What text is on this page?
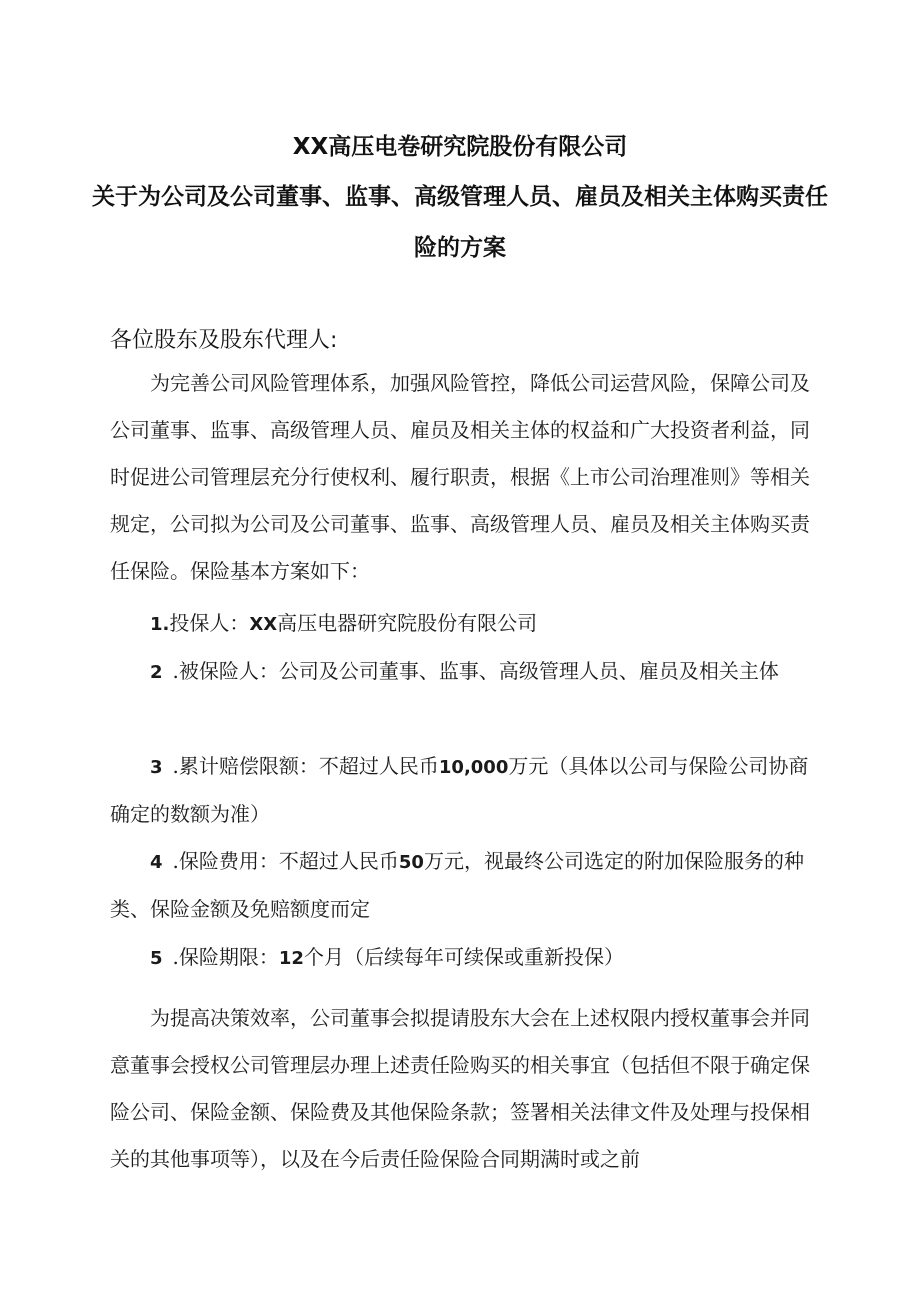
XX高压电卷研究院股份有限公司
关于为公司及公司董事、监事、高级管理人员、雇员及相关主体购买责任
险的方案

各位股东及股东代理人:

为完善公司风险管理体系，加强风险管控，降低公司运营风险，保障公司及公司董事、监事、高级管理人员、雇员及相关主体的权益和广大投资者利益，同时促进公司管理层充分行使权利、履行职责，根据《上市公司治理准则》等相关规定，公司拟为公司及公司董事、监事、高级管理人员、雇员及相关主体购买责任保险。保险基本方案如下：

1.投保人：XX高压电器研究院股份有限公司

2 .被保险人：公司及公司董事、监事、高级管理人员、雇员及相关主体

3 .累计赔偿限额：不超过人民币10,000万元（具体以公司与保险公司协商确定的数额为准）

4 .保险费用：不超过人民币50万元，视最终公司选定的附加保险服务的种类、保险金额及免赔额度而定

5 .保险期限：12个月（后续每年可续保或重新投保）

为提高决策效率，公司董事会拟提请股东大会在上述权限内授权董事会并同意董事会授权公司管理层办理上述责任险购买的相关事宜（包括但不限于确定保险公司、保险金额、保险费及其他保险条款；签署相关法律文件及处理与投保相关的其他事项等），以及在今后责任险保险合同期满时或之前
